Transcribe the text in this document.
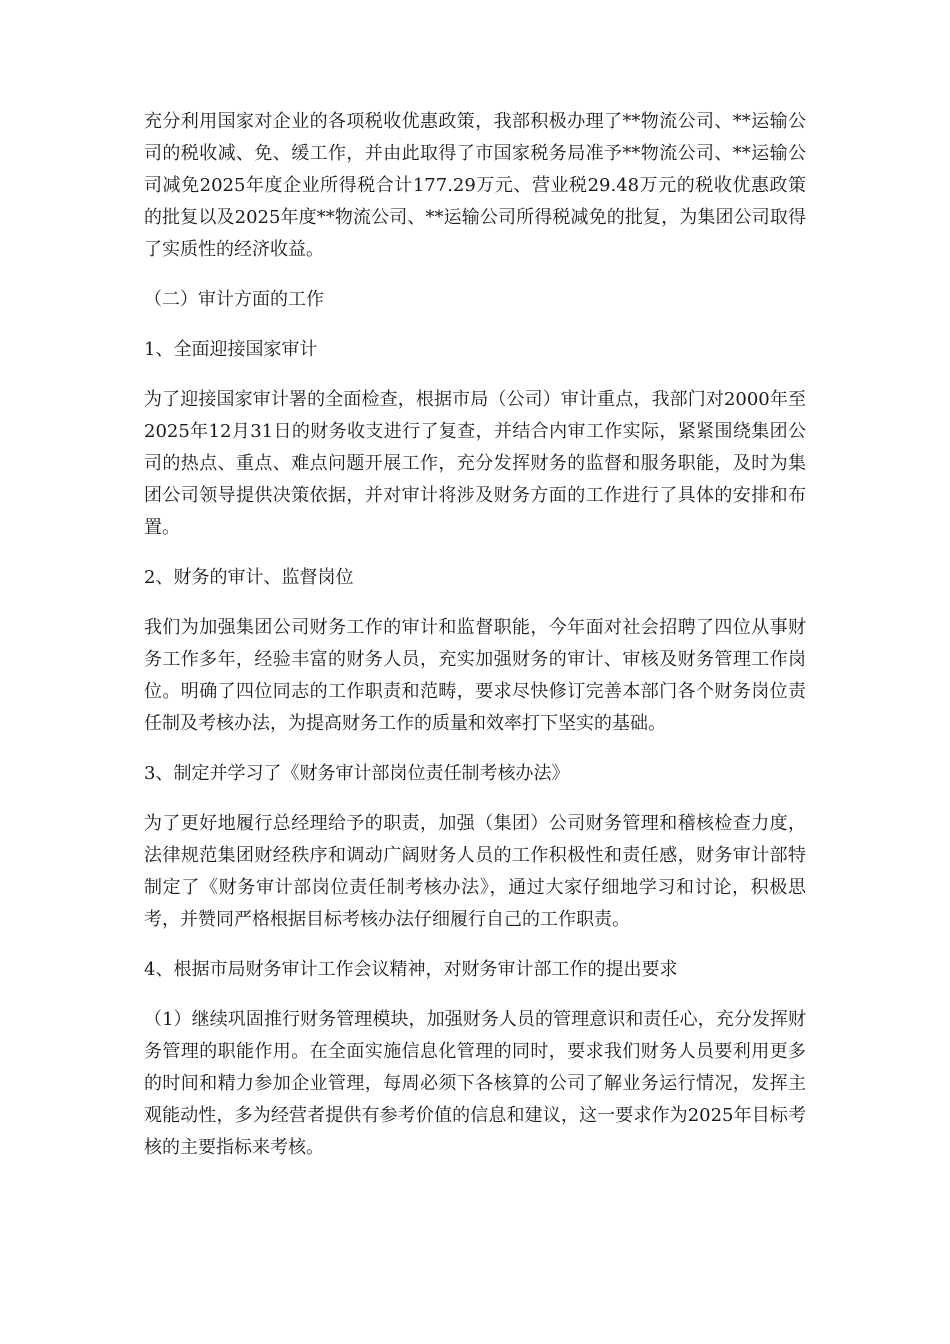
充分利用国家对企业的各项税收优惠政策，我部积极办理了**物流公司、**运输公司的税收减、免、缓工作，并由此取得了市国家税务局准予**物流公司、**运输公司减免2025年度企业所得税合计177.29万元、营业税29.48万元的税收优惠政策的批复以及2025年度**物流公司、**运输公司所得税减免的批复，为集团公司取得了实质性的经济收益。

（二）审计方面的工作

1、全面迎接国家审计

为了迎接国家审计署的全面检查，根据市局（公司）审计重点，我部门对2000年至2025年12月31日的财务收支进行了复查，并结合内审工作实际，紧紧围绕集团公司的热点、重点、难点问题开展工作，充分发挥财务的监督和服务职能，及时为集团公司领导提供决策依据，并对审计将涉及财务方面的工作进行了具体的安排和布置。

2、财务的审计、监督岗位

我们为加强集团公司财务工作的审计和监督职能，今年面对社会招聘了四位从事财务工作多年，经验丰富的财务人员，充实加强财务的审计、审核及财务管理工作岗位。明确了四位同志的工作职责和范畴，要求尽快修订完善本部门各个财务岗位责任制及考核办法，为提高财务工作的质量和效率打下坚实的基础。

3、制定并学习了《财务审计部岗位责任制考核办法》

为了更好地履行总经理给予的职责，加强（集团）公司财务管理和稽核检查力度，法律规范集团财经秩序和调动广阔财务人员的工作积极性和责任感，财务审计部特制定了《财务审计部岗位责任制考核办法》，通过大家仔细地学习和讨论，积极思考，并赞同严格根据目标考核办法仔细履行自己的工作职责。

4、根据市局财务审计工作会议精神，对财务审计部工作的提出要求

（1）继续巩固推行财务管理模块，加强财务人员的管理意识和责任心，充分发挥财务管理的职能作用。在全面实施信息化管理的同时，要求我们财务人员要利用更多的时间和精力参加企业管理，每周必须下各核算的公司了解业务运行情况，发挥主观能动性，多为经营者提供有参考价值的信息和建议，这一要求作为2025年目标考核的主要指标来考核。
